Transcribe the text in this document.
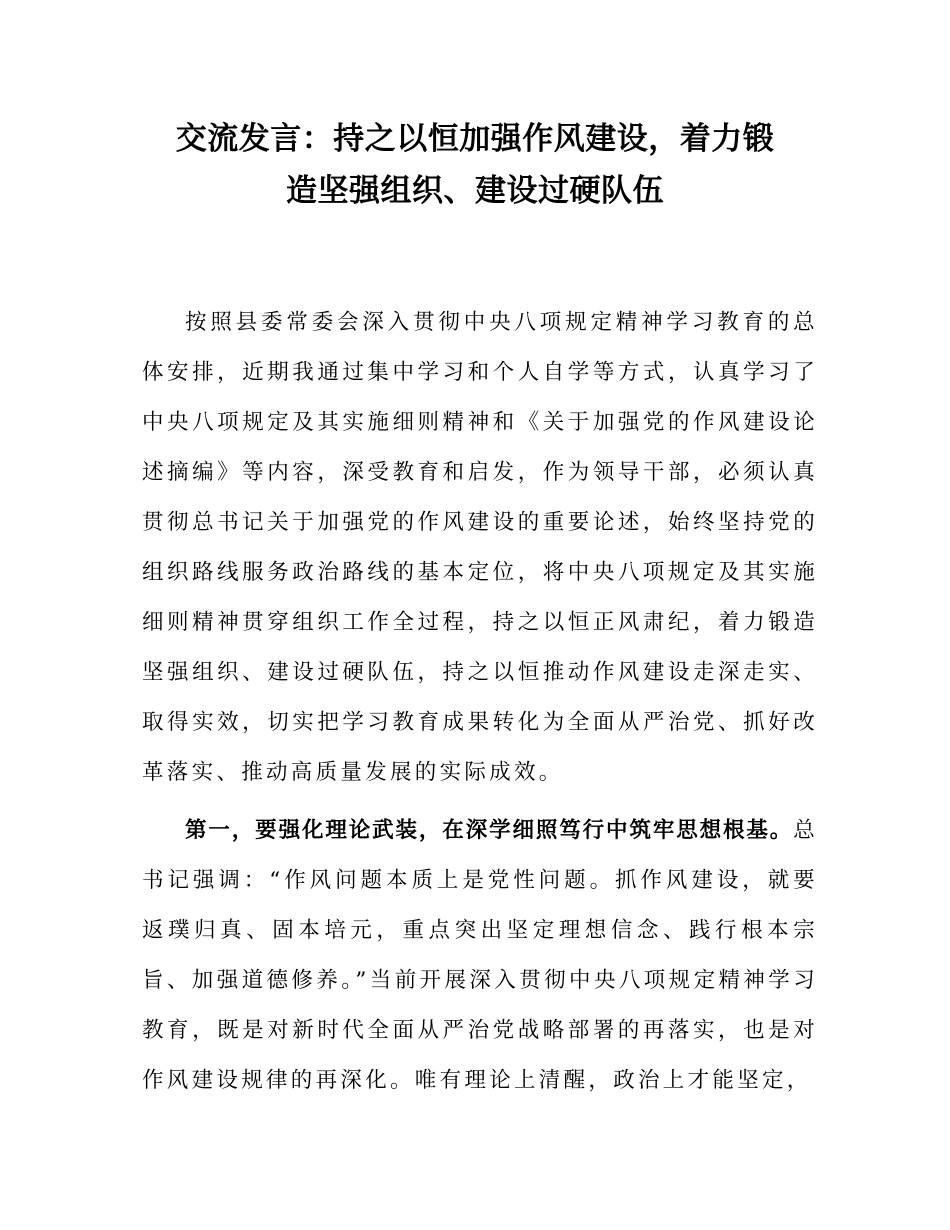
交流发言：持之以恒加强作风建设，着力锻
造坚强组织、建设过硬队伍

按照县委常委会深入贯彻中央八项规定精神学习教育的总体安排，近期我通过集中学习和个人自学等方式，认真学习了中央八项规定及其实施细则精神和《关于加强党的作风建设论述摘编》等内容，深受教育和启发，作为领导干部，必须认真贯彻总书记关于加强党的作风建设的重要论述，始终坚持党的组织路线服务政治路线的基本定位，将中央八项规定及其实施细则精神贯穿组织工作全过程，持之以恒正风肃纪，着力锻造坚强组织、建设过硬队伍，持之以恒推动作风建设走深走实、取得实效，切实把学习教育成果转化为全面从严治党、抓好改革落实、推动高质量发展的实际成效。

第一，要强化理论武装，在深学细照笃行中筑牢思想根基。总书记强调：“作风问题本质上是党性问题。抓作风建设，就要返璞归真、固本培元，重点突出坚定理想信念、践行根本宗旨、加强道德修养。”当前开展深入贯彻中央八项规定精神学习教育，既是对新时代全面从严治党战略部署的再落实，也是对作风建设规律的再深化。唯有理论上清醒，政治上才能坚定，
